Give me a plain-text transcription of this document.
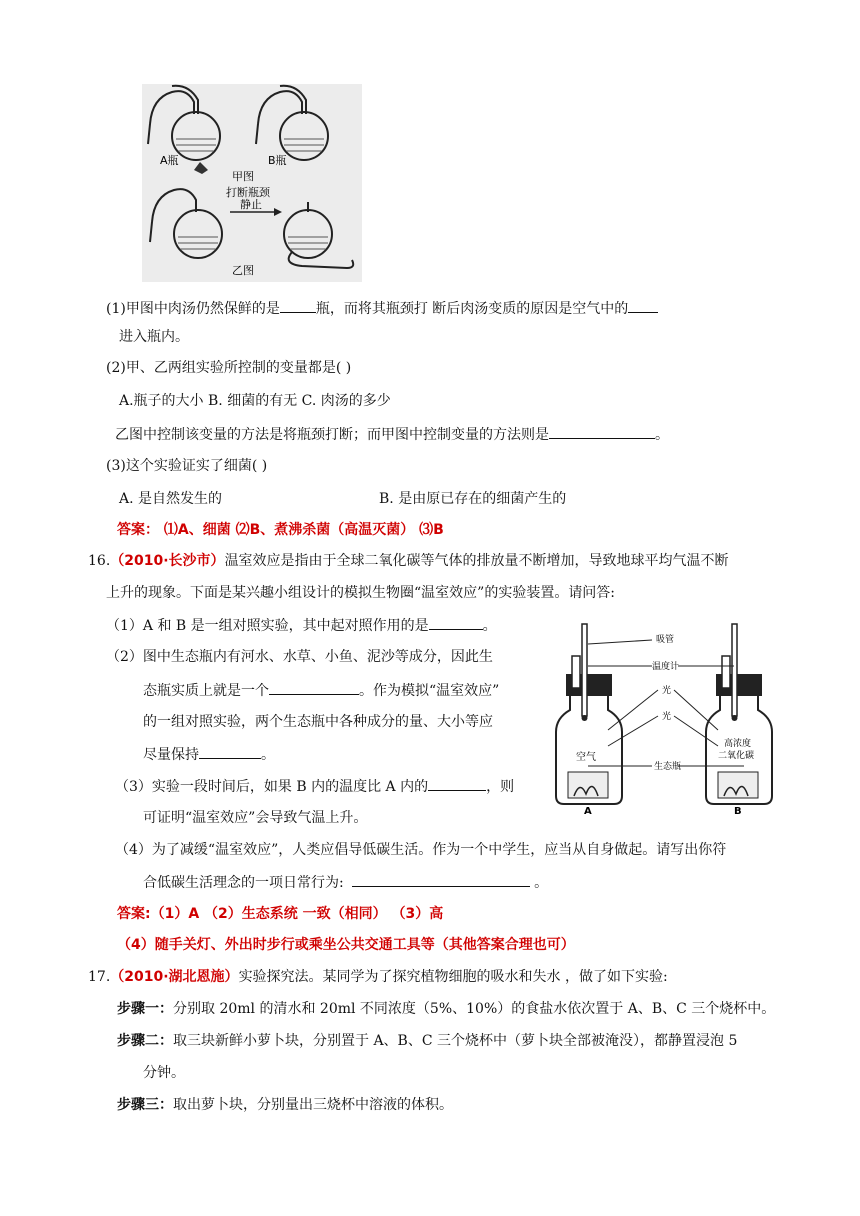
A瓶	B瓶
甲图
打断瓶颈
静止
乙图
(1)甲图中肉汤仍然保鲜的是	瓶，而将其瓶颈打 断后肉汤变质的原因是空气中的
进入瓶内。
(2)甲、乙两组实验所控制的变量都是( )
A.瓶子的大小 B. 细菌的有无 C. 肉汤的多少
乙图中控制该变量的方法是将瓶颈打断；而甲图中控制变量的方法则是	。
(3)这个实验证实了细菌( )
A. 是自然发生的	B. 是由原已存在的细菌产生的
答案： ⑴A、细菌 ⑵B、煮沸杀菌（高温灭菌） ⑶B
16.（2010·长沙市）温室效应是指由于全球二氧化碳等气体的排放量不断增加，导致地球平均气温不断
上升的现象。下面是某兴趣小组设计的模拟生物圈“温室效应”的实验装置。请问答:
（1）A 和 B 是一组对照实验，其中起对照作用的是	。
（2）图中生态瓶内有河水、水草、小鱼、泥沙等成分，因此生
态瓶实质上就是一个	。作为模拟“温室效应”
的一组对照实验，两个生态瓶中各种成分的量、大小等应
尽量保持	。
（3）实验一段时间后，如果 B 内的温度比 A 内的	，则
可证明“温室效应”会导致气温上升。
（4）为了减缓“温室效应”，人类应倡导低碳生活。作为一个中学生，应当从自身做起。请写出你符
合低碳生活理念的一项日常行为:	。
答案:（1）A （2）生态系统 一致（相同） （3）高
（4）随手关灯、外出时步行或乘坐公共交通工具等（其他答案合理也可）
吸管
温度计
光
光
空气
高浓度
二氧化碳
生态瓶
A	B
17.（2010·湖北恩施）实验探究法。某同学为了探究植物细胞的吸水和失水 ，做了如下实验:
步骤一：分别取 20ml 的清水和 20ml 不同浓度（5%、10%）的食盐水依次置于 A、B、C 三个烧杯中。
步骤二：取三块新鲜小萝卜块，分别置于 A、B、C 三个烧杯中（萝卜块全部被淹没），都静置浸泡 5
分钟。
步骤三：取出萝卜块，分别量出三烧杯中溶液的体积。
